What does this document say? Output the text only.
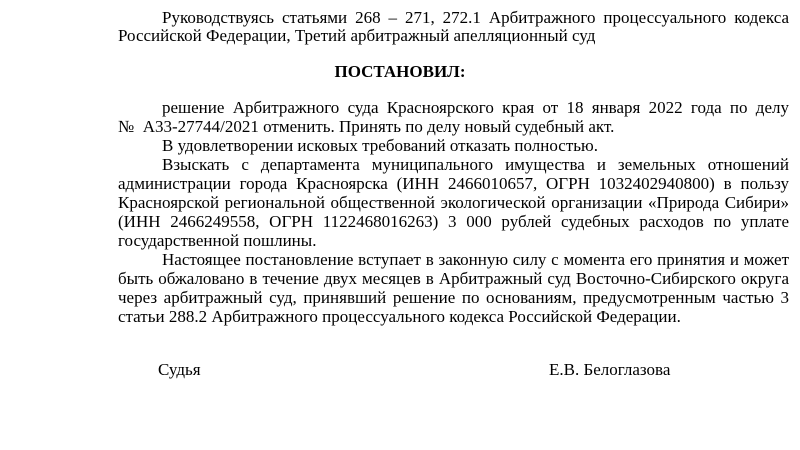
Руководствуясь статьями 268 – 271, 272.1 Арбитражного процессуального кодекса
Российской Федерации, Третий арбитражный апелляционный суд
ПОСТАНОВИЛ:
решение Арбитражного суда Красноярского края от 18 января 2022 года по делу
№  А33-27744/2021 отменить. Принять по делу новый судебный акт.
В удовлетворении исковых требований отказать полностью.
Взыскать с департамента муниципального имущества и земельных отношений
администрации города Красноярска (ИНН 2466010657, ОГРН 1032402940800) в пользу
Красноярской региональной общественной экологической организации «Природа Сибири»
(ИНН 2466249558, ОГРН 1122468016263) 3 000 рублей судебных расходов по уплате
государственной пошлины.
Настоящее постановление вступает в законную силу с момента его принятия и может
быть обжаловано в течение двух месяцев в Арбитражный суд Восточно-Сибирского округа
через арбитражный суд, принявший решение по основаниям, предусмотренным частью 3
статьи 288.2 Арбитражного процессуального кодекса Российской Федерации.
Судья	Е.В. Белоглазова
